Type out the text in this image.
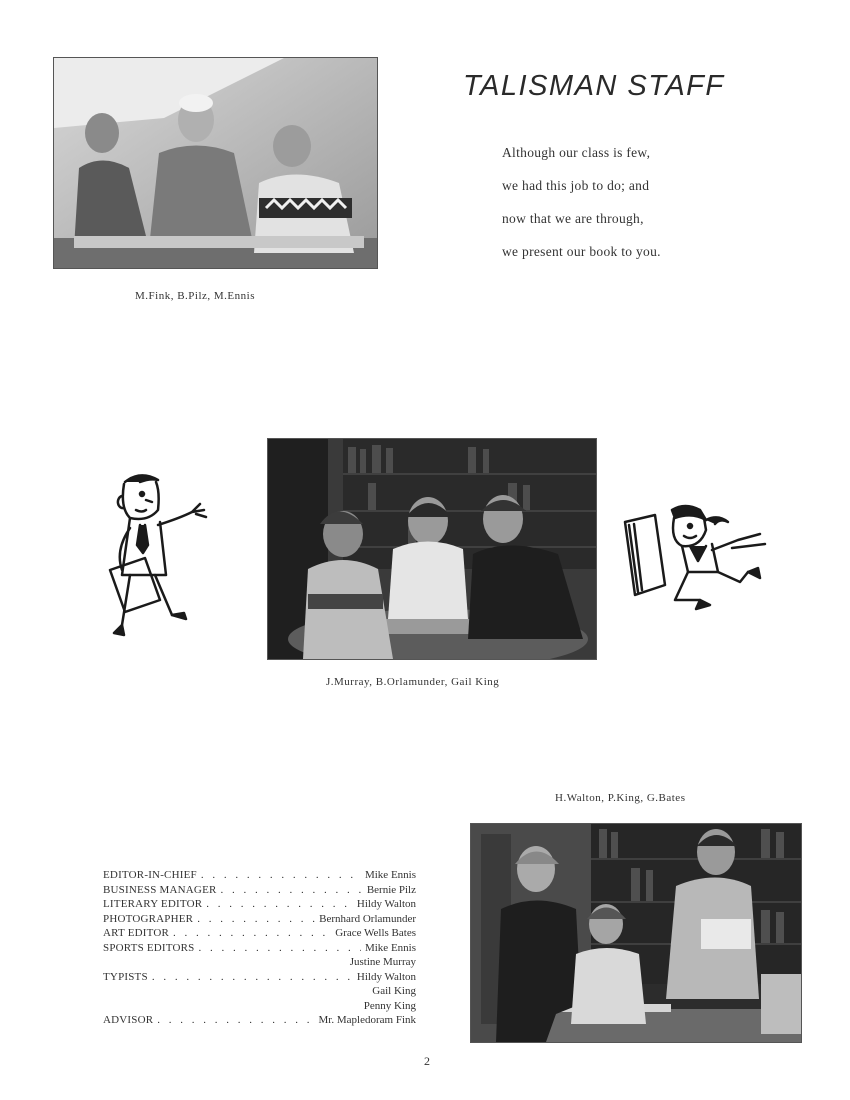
M.Fink, B.Pilz, M.Ennis
TALISMAN STAFF
Although our class is few,
we had this job to do; and
now that we are through,
we present our book to you.
J.Murray, B.Orlamunder, Gail King
H.Walton, P.King, G.Bates
EDITOR-IN-CHIEF . . .	Mike Ennis
BUSINESS MANAGER . . .	Bernie Pilz
LITERARY EDITOR . . .	Hildy Walton
PHOTOGRAPHER . . .	Bernhard Orlamunder
ART EDITOR . . .	Grace Wells Bates
SPORTS EDITORS . . .	Mike Ennis
Justine Murray
TYPISTS . . .	Hildy Walton
Gail King
Penny King
ADVISOR . . .	Mr. Mapledoram Fink
2
